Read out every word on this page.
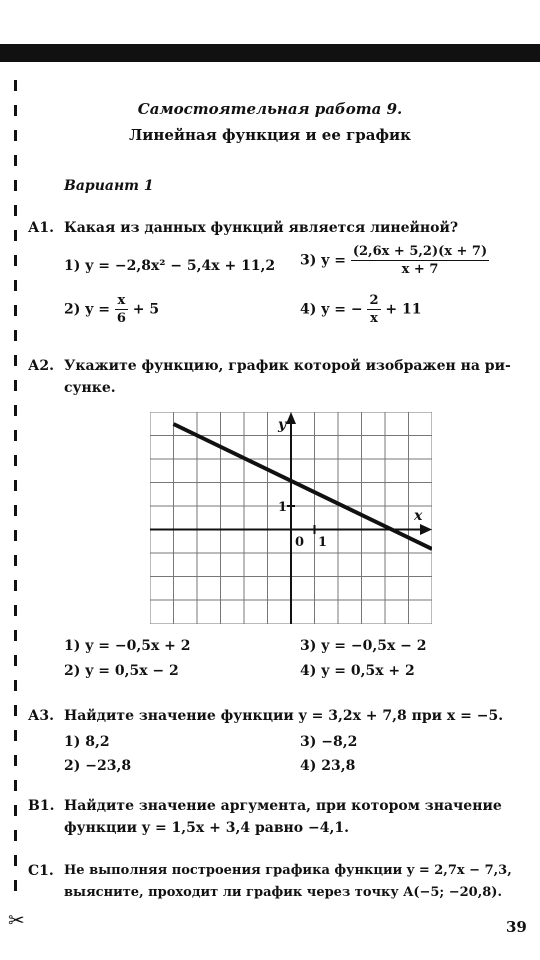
✂
Самостоятельная работа 9.
Линейная функция и ее график
Вариант 1
А1. Какая из данных функций является линейной?
1) y = −2,8x² − 5,4x + 11,2 3) $y = \frac{(2,6x + 5,2)(x + 7)}{x + 7}$
2) $y = \frac{x}{6} + 5$	4) y = − $\frac{2}{x} + 11$
А2. Укажите функцию, график которой изображен на ри-
сунке.
y
x
1
0 1
1) y = −0,5x + 2	3) y = −0,5x − 2
2) y = 0,5x − 2	4) y = 0,5x + 2
А3. Найдите значение функции y = 3,2x + 7,8 при x = −5.
1) 8,2	3) −8,2
2) −23,8	4) 23,8
B1. Найдите значение аргумента, при котором значение
функции y = 1,5x + 3,4 равно −4,1.
C1. Не выполняя построения графика функции y = 2,7x − 7,3,
выясните, проходит ли график через точку A(−5; −20,8).
39
